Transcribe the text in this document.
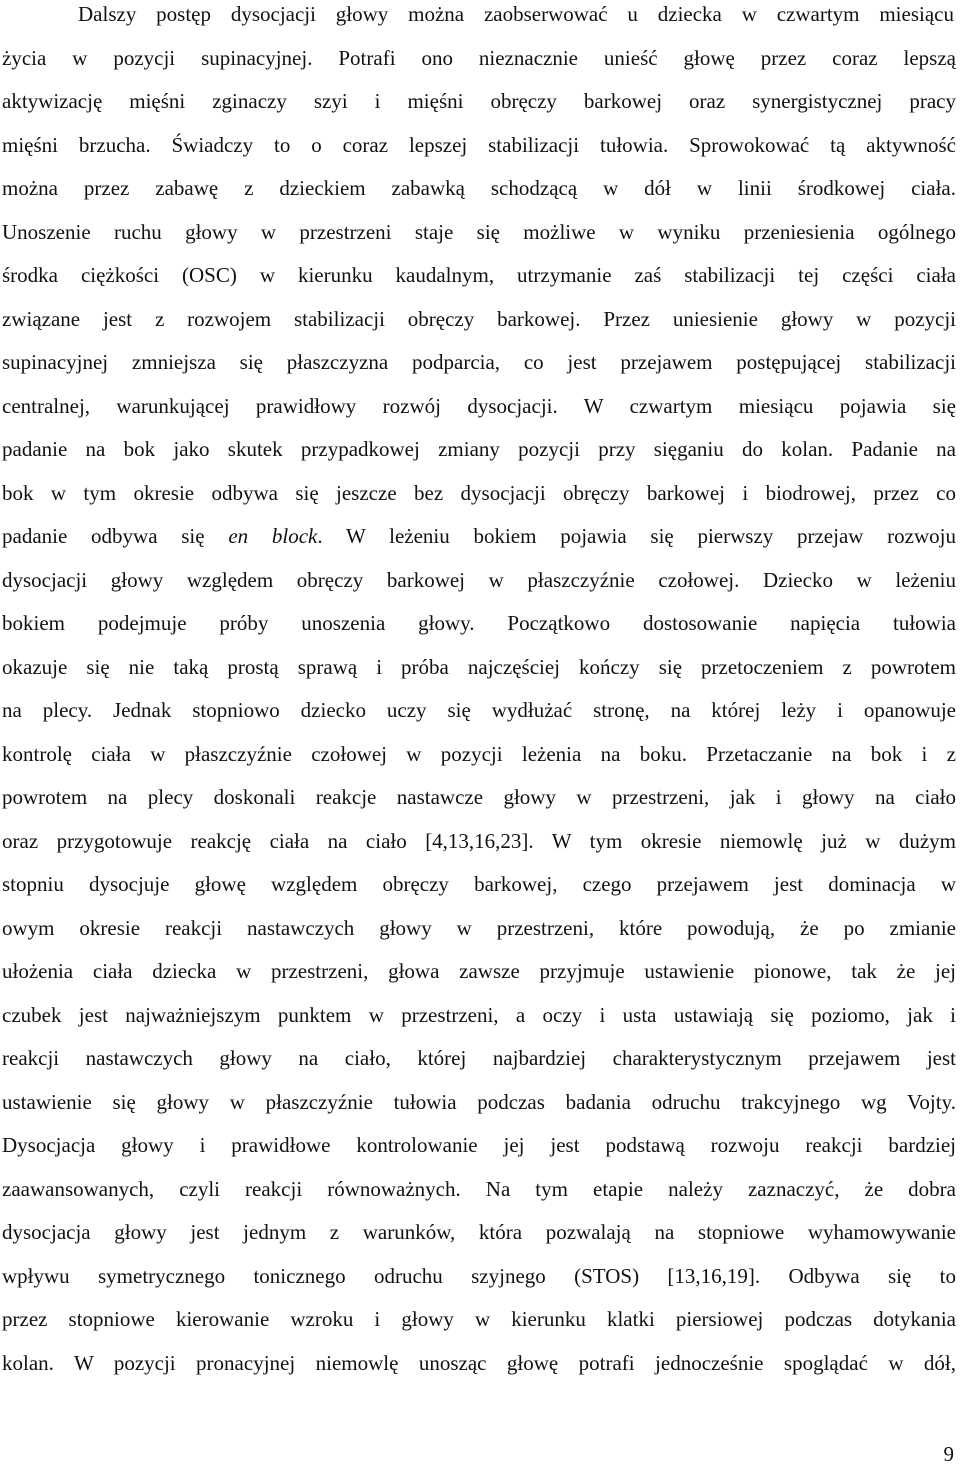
Dalszy postęp dysocjacji głowy można zaobserwować u dziecka w czwartym miesiącu
życia w pozycji supinacyjnej. Potrafi ono nieznacznie unieść głowę przez coraz lepszą
aktywizację mięśni zginaczy szyi i mięśni obręczy barkowej oraz synergistycznej pracy
mięśni brzucha. Świadczy to o coraz lepszej stabilizacji tułowia. Sprowokować tą aktywność
można przez zabawę z dzieckiem zabawką schodzącą w dół w linii środkowej ciała.
Unoszenie ruchu głowy w przestrzeni staje się możliwe w wyniku przeniesienia ogólnego
środka ciężkości (OSC) w kierunku kaudalnym, utrzymanie zaś stabilizacji tej części ciała
związane jest z rozwojem stabilizacji obręczy barkowej. Przez uniesienie głowy w pozycji
supinacyjnej zmniejsza się płaszczyzna podparcia, co jest przejawem postępującej stabilizacji
centralnej, warunkującej prawidłowy rozwój dysocjacji. W czwartym miesiącu pojawia się
padanie na bok jako skutek przypadkowej zmiany pozycji przy sięganiu do kolan. Padanie na
bok w tym okresie odbywa się jeszcze bez dysocjacji obręczy barkowej i biodrowej, przez co
padanie odbywa się en block. W leżeniu bokiem pojawia się pierwszy przejaw rozwoju
dysocjacji głowy względem obręczy barkowej w płaszczyźnie czołowej. Dziecko w leżeniu
bokiem podejmuje próby unoszenia głowy. Początkowo dostosowanie napięcia tułowia
okazuje się nie taką prostą sprawą i próba najczęściej kończy się przetoczeniem z powrotem
na plecy. Jednak stopniowo dziecko uczy się wydłużać stronę, na której leży i opanowuje
kontrolę ciała w płaszczyźnie czołowej w pozycji leżenia na boku. Przetaczanie na bok i z
powrotem na plecy doskonali reakcje nastawcze głowy w przestrzeni, jak i głowy na ciało
oraz przygotowuje reakcję ciała na ciało [4,13,16,23]. W tym okresie niemowlę już w dużym
stopniu dysocjuje głowę względem obręczy barkowej, czego przejawem jest dominacja w
owym okresie reakcji nastawczych głowy w przestrzeni, które powodują, że po zmianie
ułożenia ciała dziecka w przestrzeni, głowa zawsze przyjmuje ustawienie pionowe, tak że jej
czubek jest najważniejszym punktem w przestrzeni, a oczy i usta ustawiają się poziomo, jak i
reakcji nastawczych głowy na ciało, której najbardziej charakterystycznym przejawem jest
ustawienie się głowy w płaszczyźnie tułowia podczas badania odruchu trakcyjnego wg Vojty.
Dysocjacja głowy i prawidłowe kontrolowanie jej jest podstawą rozwoju reakcji bardziej
zaawansowanych, czyli reakcji równoważnych. Na tym etapie należy zaznaczyć, że dobra
dysocjacja głowy jest jednym z warunków, która pozwalają na stopniowe wyhamowywanie
wpływu symetrycznego tonicznego odruchu szyjnego (STOS) [13,16,19]. Odbywa się to
przez stopniowe kierowanie wzroku i głowy w kierunku klatki piersiowej podczas dotykania
kolan. W pozycji pronacyjnej niemowlę unosząc głowę potrafi jednocześnie spoglądać w dół,
9
